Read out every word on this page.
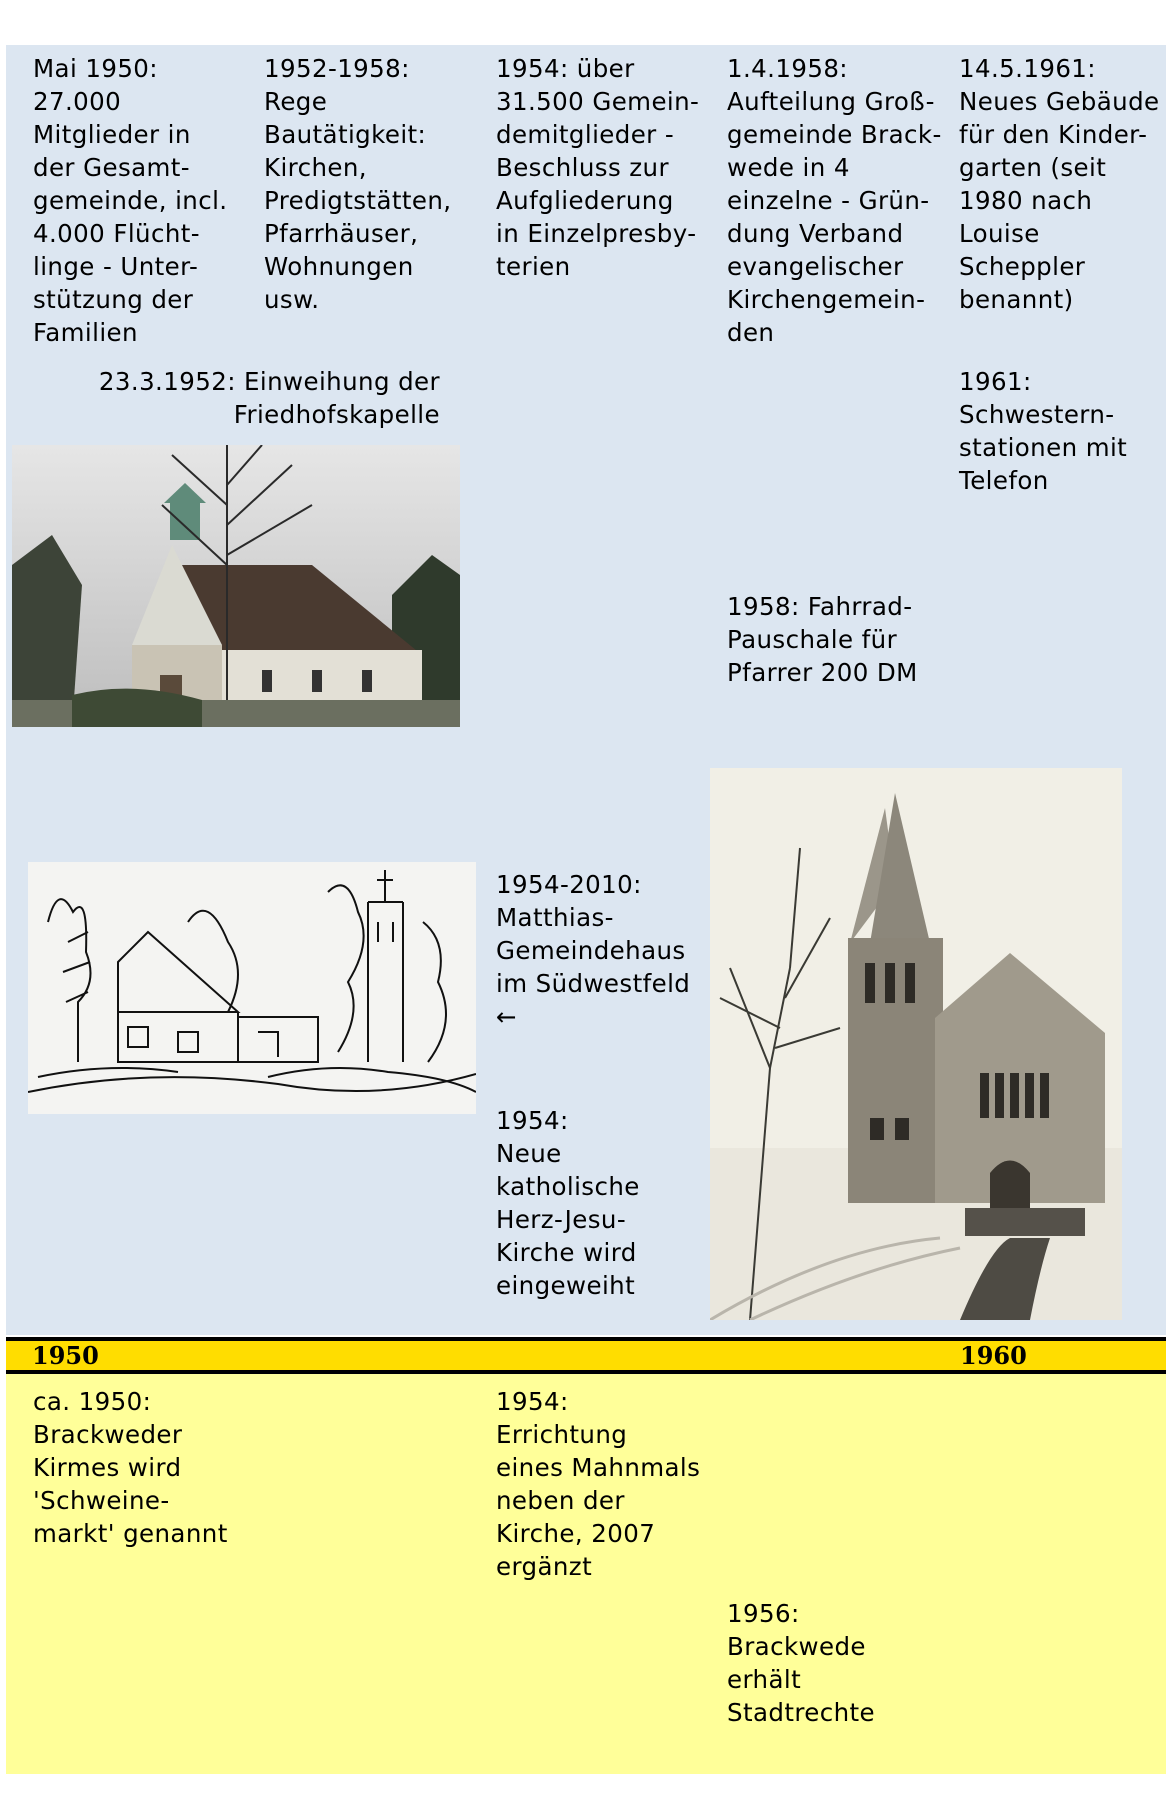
1950	1960
Mai 1950:
27.000
Mitglieder in
der Gesamt-
gemeinde, incl.
4.000 Flücht-
linge - Unter-
stützung der
Familien
1952-1958:
Rege
Bautätigkeit:
Kirchen,
Predigtstätten,
Pfarrhäuser,
Wohnungen
usw.
1954: über
31.500 Gemein-
demitglieder -
Beschluss zur
Aufgliederung
in Einzelpresby-
terien
1.4.1958:
Aufteilung Groß-
gemeinde Brack-
wede in 4
einzelne - Grün-
dung Verband
evangelischer
Kirchengemein-
den
14.5.1961:
Neues Gebäude
für den Kinder-
garten (seit
1980 nach
Louise
Scheppler
benannt)
23.3.1952: Einweihung der
Friedhofskapelle
1961:
Schwestern-
stationen mit
Telefon
1958: Fahrrad-
Pauschale für
Pfarrer 200 DM
1954-2010:
Matthias-
Gemeindehaus
im Südwestfeld
←
1954:
Neue
katholische
Herz-Jesu-
Kirche wird
eingeweiht
ca. 1950:
Brackweder
Kirmes wird
'Schweine-
markt' genannt
1954:
Errichtung
eines Mahnmals
neben der
Kirche, 2007
ergänzt
1956:
Brackwede
erhält
Stadtrechte
